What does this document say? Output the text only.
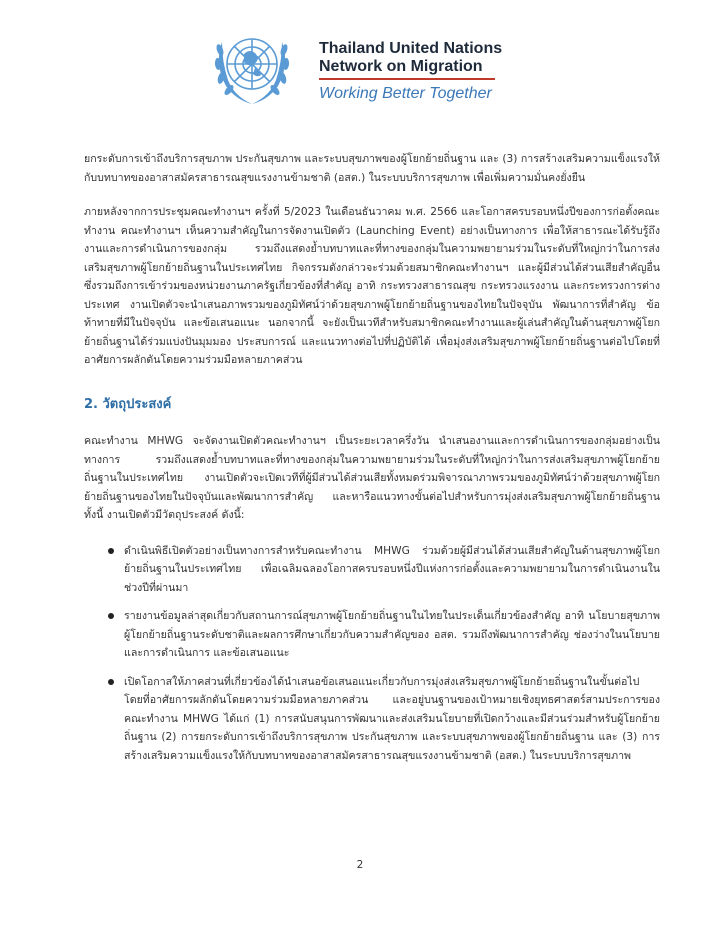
Thailand United Nations
Network on Migration
Working Better Together

ยกระดับการเข้าถึงบริการสุขภาพ ประกันสุขภาพ และระบบสุขภาพของผู้โยกย้ายถิ่นฐาน และ (3) การสร้างเสริมความแข็งแรงให้กับบทบาทของอาสาสมัครสาธารณสุขแรงงานข้ามชาติ (อสต.) ในระบบบริการสุขภาพ เพื่อเพิ่มความมั่นคงยั่งยืน

ภายหลังจากการประชุมคณะทำงานฯ ครั้งที่ 5/2023 ในเดือนธันวาคม พ.ศ. 2566 และโอกาสครบรอบหนึ่งปีของการก่อตั้งคณะทำงาน คณะทำงานฯ เห็นความสำคัญในการจัดงานเปิดตัว (Launching Event) อย่างเป็นทางการ เพื่อให้สาธารณะได้รับรู้ถึงงานและการดำเนินการของกลุ่ม รวมถึงแสดงย้ำบทบาทและที่ทางของกลุ่มในความพยายามร่วมในระดับที่ใหญ่กว่าในการส่งเสริมสุขภาพผู้โยกย้ายถิ่นฐานในประเทศไทย กิจกรรมดังกล่าวจะร่วมด้วยสมาชิกคณะทำงานฯ และผู้มีส่วนได้ส่วนเสียสำคัญอื่น ซึ่งรวมถึงการเข้าร่วมของหน่วยงานภาครัฐเกี่ยวข้องที่สำคัญ อาทิ กระทรวงสาธารณสุข กระทรวงแรงงาน และกระทรวงการต่างประเทศ งานเปิดตัวจะนำเสนอภาพรวมของภูมิทัศน์ว่าด้วยสุขภาพผู้โยกย้ายถิ่นฐานของไทยในปัจจุบัน พัฒนาการที่สำคัญ ข้อท้าทายที่มีในปัจจุบัน และข้อเสนอแนะ นอกจากนี้ จะยังเป็นเวทีสำหรับสมาชิกคณะทำงานและผู้เล่นสำคัญในด้านสุขภาพผู้โยกย้ายถิ่นฐานได้ร่วมแบ่งปันมุมมอง ประสบการณ์ และแนวทางต่อไปที่ปฏิบัติได้ เพื่อมุ่งส่งเสริมสุขภาพผู้โยกย้ายถิ่นฐานต่อไปโดยที่อาศัยการผลักดันโดยความร่วมมือหลายภาคส่วน

2. วัตถุประสงค์

คณะทำงาน MHWG จะจัดงานเปิดตัวคณะทำงานฯ เป็นระยะเวลาครึ่งวัน นำเสนองานและการดำเนินการของกลุ่มอย่างเป็นทางการ รวมถึงแสดงย้ำบทบาทและที่ทางของกลุ่มในความพยายามร่วมในระดับที่ใหญ่กว่าในการส่งเสริมสุขภาพผู้โยกย้ายถิ่นฐานในประเทศไทย งานเปิดตัวจะเปิดเวทีที่ผู้มีส่วนได้ส่วนเสียทั้งหมดร่วมพิจารณาภาพรวมของภูมิทัศน์ว่าด้วยสุขภาพผู้โยกย้ายถิ่นฐานของไทยในปัจจุบันและพัฒนาการสำคัญ และหารือแนวทางขั้นต่อไปสำหรับการมุ่งส่งเสริมสุขภาพผู้โยกย้ายถิ่นฐาน ทั้งนี้ งานเปิดตัวมีวัตถุประสงค์ ดังนี้:

ดำเนินพิธีเปิดตัวอย่างเป็นทางการสำหรับคณะทำงาน MHWG ร่วมด้วยผู้มีส่วนได้ส่วนเสียสำคัญในด้านสุขภาพผู้โยกย้ายถิ่นฐานในประเทศไทย เพื่อเฉลิมฉลองโอกาสครบรอบหนึ่งปีแห่งการก่อตั้งและความพยายามในการดำเนินงานในช่วงปีที่ผ่านมา
รายงานข้อมูลล่าสุดเกี่ยวกับสถานการณ์สุขภาพผู้โยกย้ายถิ่นฐานในไทยในประเด็นเกี่ยวข้องสำคัญ อาทิ นโยบายสุขภาพผู้โยกย้ายถิ่นฐานระดับชาติและผลการศึกษาเกี่ยวกับความสำคัญของ อสต. รวมถึงพัฒนาการสำคัญ ช่องว่างในนโยบาย และการดำเนินการ และข้อเสนอแนะ
เปิดโอกาสให้ภาคส่วนที่เกี่ยวข้องได้นำเสนอข้อเสนอแนะเกี่ยวกับการมุ่งส่งเสริมสุขภาพผู้โยกย้ายถิ่นฐานในขั้นต่อไป โดยที่อาศัยการผลักดันโดยความร่วมมือหลายภาคส่วน และอยู่บนฐานของเป้าหมายเชิงยุทธศาสตร์สามประการของคณะทำงาน MHWG ได้แก่ (1) การสนับสนุนการพัฒนาและส่งเสริมนโยบายที่เปิดกว้างและมีส่วนร่วมสำหรับผู้โยกย้ายถิ่นฐาน (2) การยกระดับการเข้าถึงบริการสุขภาพ ประกันสุขภาพ และระบบสุขภาพของผู้โยกย้ายถิ่นฐาน และ (3) การสร้างเสริมความแข็งแรงให้กับบทบาทของอาสาสมัครสาธารณสุขแรงงานข้ามชาติ (อสต.) ในระบบบริการสุขภาพ
2
